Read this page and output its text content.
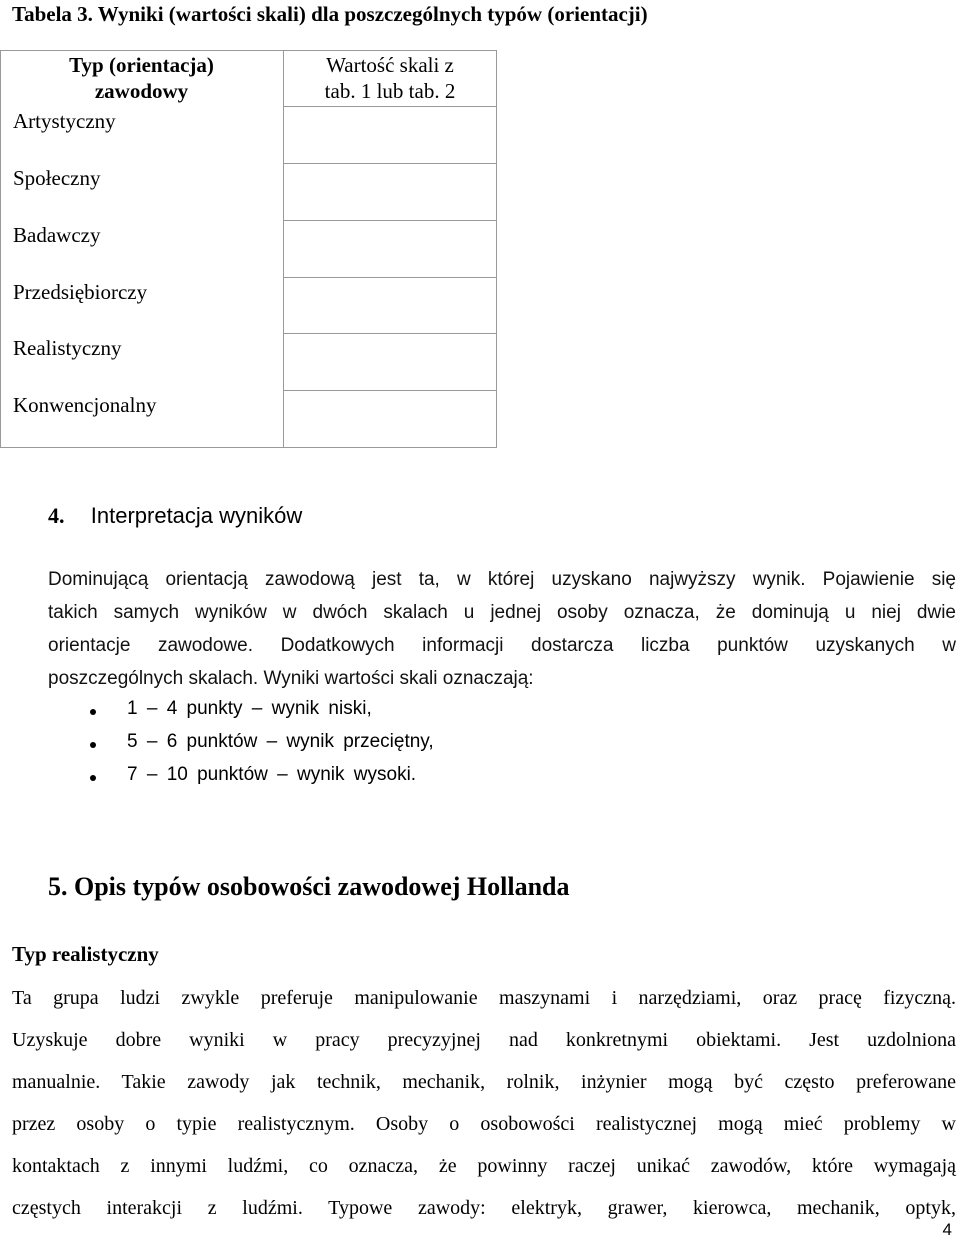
Tabela 3. Wyniki (wartości skali) dla poszczególnych typów (orientacji)
Typ (orientacja)
zawodowy
Wartość skali z
tab. 1 lub tab. 2
Artystyczny
Społeczny
Badawczy
Przedsiębiorczy
Realistyczny
Konwencjonalny
4. Interpretacja wyników
Dominującą orientacją zawodową jest ta, w której uzyskano najwyższy wynik. Pojawienie się
takich samych wyników w dwóch skalach u jednej osoby oznacza, że dominują u niej dwie
orientacje zawodowe. Dodatkowych informacji dostarcza liczba punktów uzyskanych w
poszczególnych skalach. Wyniki wartości skali oznaczają:
1 – 4 punkty – wynik niski,
5 – 6 punktów – wynik przeciętny,
7 – 10 punktów – wynik wysoki.
5. Opis typów osobowości zawodowej Hollanda
Typ realistyczny
Ta grupa ludzi zwykle preferuje manipulowanie maszynami i narzędziami, oraz pracę fizyczną.
Uzyskuje dobre wyniki w pracy precyzyjnej nad konkretnymi obiektami. Jest uzdolniona
manualnie. Takie zawody jak technik, mechanik, rolnik, inżynier mogą być często preferowane
przez osoby o typie realistycznym. Osoby o osobowości realistycznej mogą mieć problemy w
kontaktach z innymi ludźmi, co oznacza, że powinny raczej unikać zawodów, które wymagają
częstych interakcji z ludźmi. Typowe zawody: elektryk, grawer, kierowca, mechanik, optyk,
4
